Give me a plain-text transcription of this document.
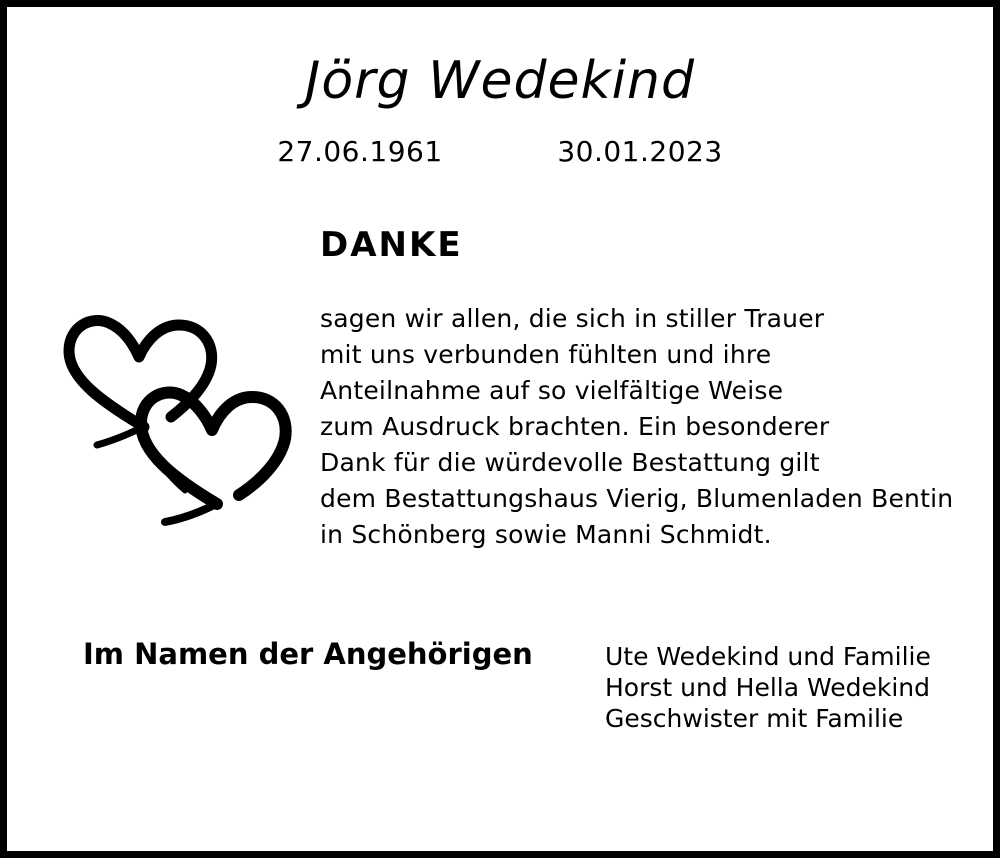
Jörg Wedekind
27.06.1961	30.01.2023
DANKE
sagen wir allen, die sich in stiller Trauer
mit uns verbunden fühlten und ihre
Anteilnahme auf so vielfältige Weise
zum Ausdruck brachten. Ein besonderer
Dank für die würdevolle Bestattung gilt
dem Bestattungshaus Vierig, Blumenladen Bentin
in Schönberg sowie Manni Schmidt.
Im Namen der Angehörigen	Ute Wedekind und Familie
Horst und Hella Wedekind
Geschwister mit Familie
